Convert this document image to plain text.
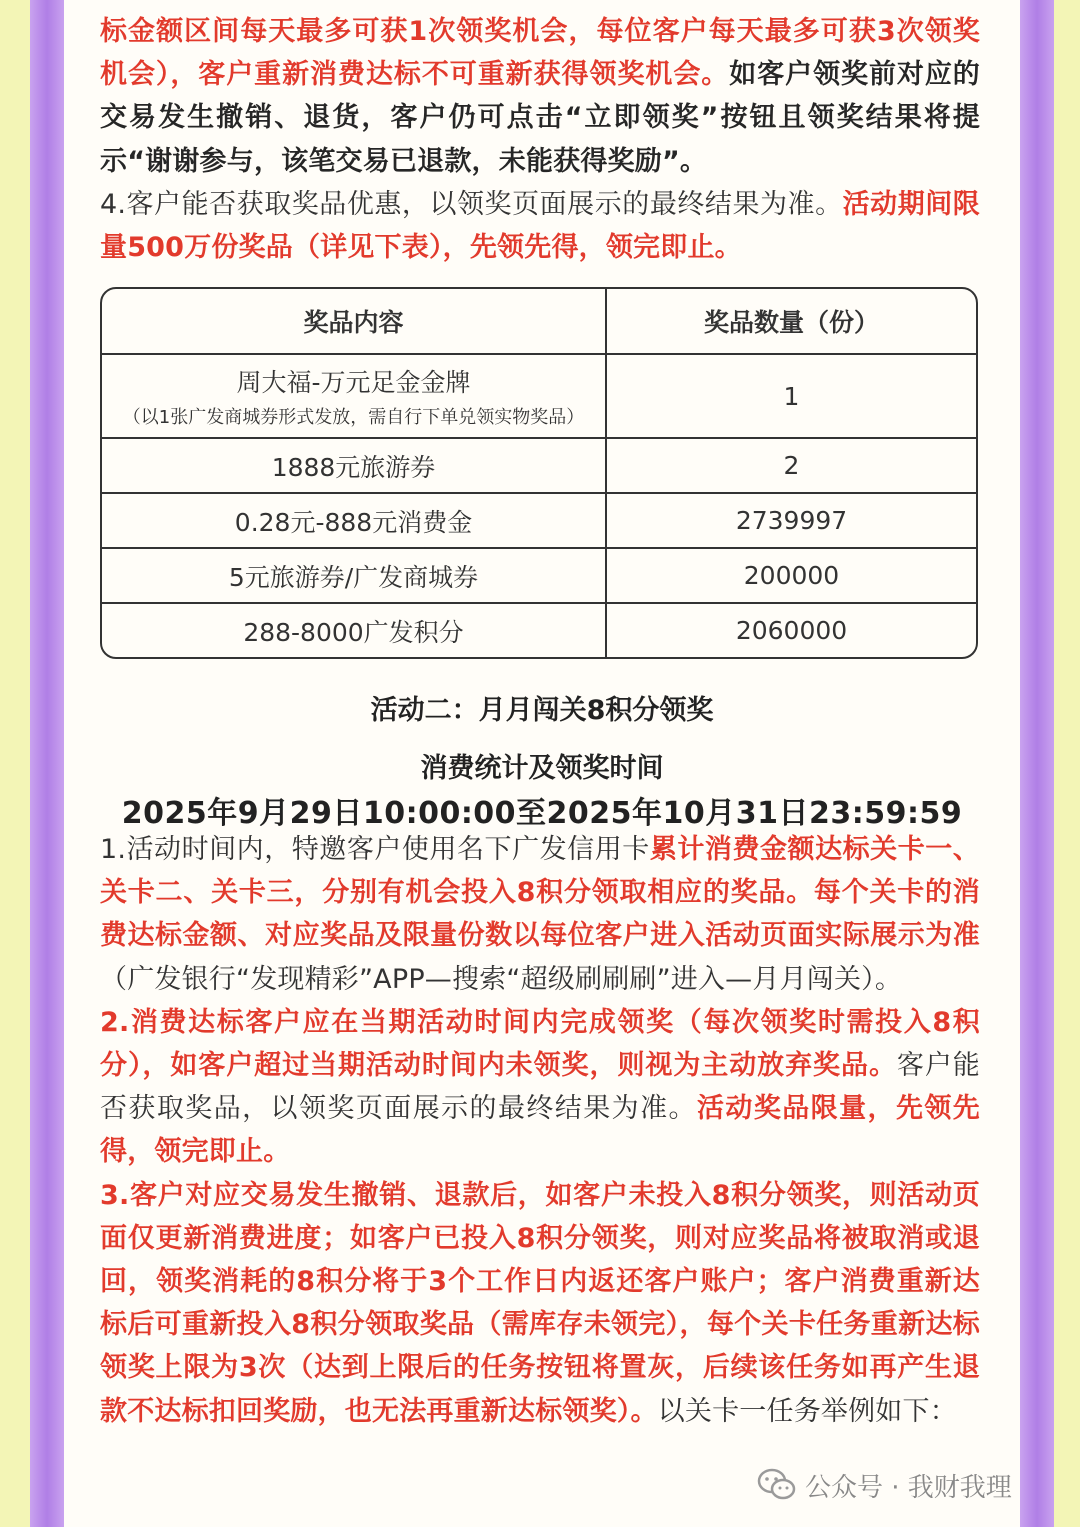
标金额区间每天最多可获1次领奖机会，每位客户每天最多可获3次领奖机会），客户重新消费达标不可重新获得领奖机会。如客户领奖前对应的交易发生撤销、退货，客户仍可点击“立即领奖”按钮且领奖结果将提示“谢谢参与，该笔交易已退款，未能获得奖励”。
4.客户能否获取奖品优惠，以领奖页面展示的最终结果为准。活动期间限量500万份奖品（详见下表），先领先得，领完即止。
奖品内容	奖品数量（份）
周大福-万元足金金牌
（以1张广发商城券形式发放，需自行下单兑领实物奖品）	1
1888元旅游券	2
0.28元-888元消费金	2739997
5元旅游券/广发商城券	200000
288-8000广发积分	2060000
活动二：月月闯关8积分领奖
消费统计及领奖时间
2025年9月29日10:00:00至2025年10月31日23:59:59
1.活动时间内，特邀客户使用名下广发信用卡累计消费金额达标关卡一、关卡二、关卡三，分别有机会投入8积分领取相应的奖品。每个关卡的消费达标金额、对应奖品及限量份数以每位客户进入活动页面实际展示为准（广发银行“发现精彩”APP—搜索“超级刷刷刷”进入—月月闯关）。
2.消费达标客户应在当期活动时间内完成领奖（每次领奖时需投入8积分），如客户超过当期活动时间内未领奖，则视为主动放弃奖品。客户能否获取奖品，以领奖页面展示的最终结果为准。活动奖品限量，先领先得，领完即止。
3.客户对应交易发生撤销、退款后，如客户未投入8积分领奖，则活动页面仅更新消费进度；如客户已投入8积分领奖，则对应奖品将被取消或退回，领奖消耗的8积分将于3个工作日内返还客户账户；客户消费重新达标后可重新投入8积分领取奖品（需库存未领完），每个关卡任务重新达标领奖上限为3次（达到上限后的任务按钮将置灰，后续该任务如再产生退款不达标扣回奖励，也无法再重新达标领奖）。以关卡一任务举例如下：
公众号 · 我财我理
